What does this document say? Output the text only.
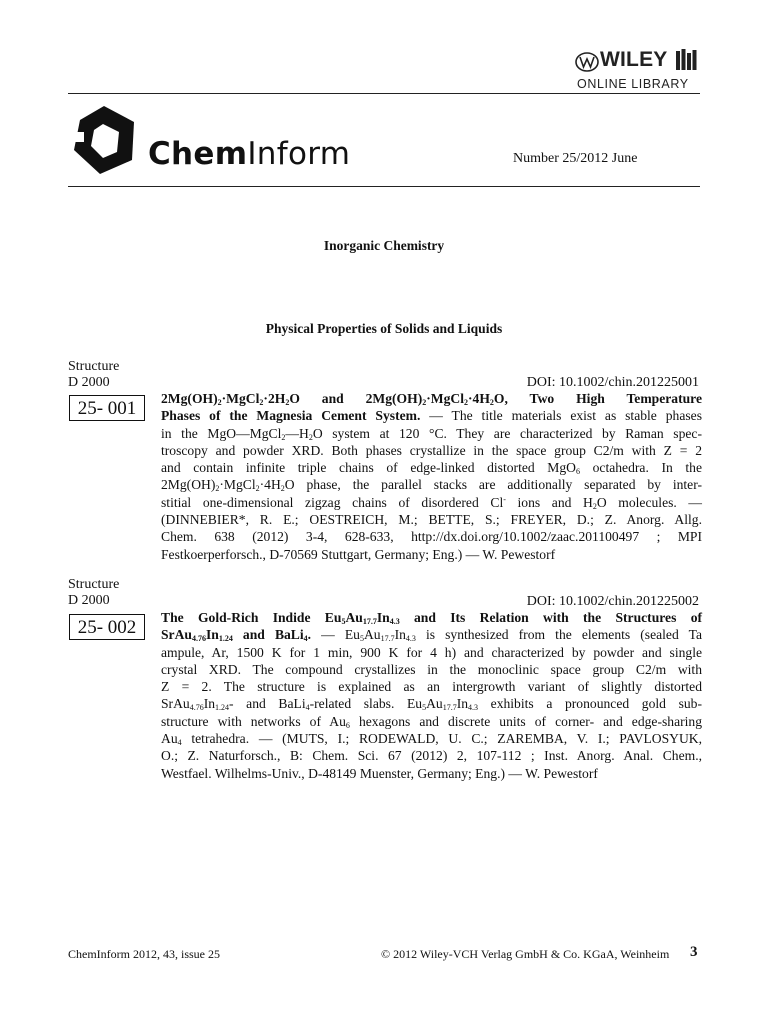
WILEY
ONLINE LIBRARY
ChemInform	Number 25/2012 June
Inorganic Chemistry
Physical Properties of Solids and Liquids
Structure
D 2000	DOI: 10.1002/chin.201225001
25- 001	$2Mg(OH)_2\cdot MgCl_2\cdot 2H_2O$ and $2Mg(OH)_2\cdot MgCl_2\cdot 4H_2O$, Two High Temperature
Phases of the Magnesia Cement System. — The title materials exist as stable phases
in the $MgO—MgCl_2—H_2O$ system at 120 °C. They are characterized by Raman spec-
troscopy and powder XRD. Both phases crystallize in the space group C2/m with Z = 2
and contain infinite triple chains of edge-linked distorted MgO$_6$ octahedra. In the
$2Mg(OH)_2\cdot MgCl_2\cdot 4H_2O$ phase, the parallel stacks are additionally separated by inter-
stitial one-dimensional zigzag chains of disordered Cl- ions and $H_2O$ molecules. —
(DINNEBIER*, R. E.; OESTREICH, M.; BETTE, S.; FREYER, D.; Z. Anorg. Allg.
Chem. 638 (2012) 3-4, 628-633, http://dx.doi.org/10.1002/zaac.201100497 ; MPI
Festkoerperforsch., D-70569 Stuttgart, Germany; Eng.) — W. Pewestorf
Structure
D 2000	DOI: 10.1002/chin.201225002
25- 002	The Gold-Rich Indide $Eu_5Au_{17.7}In_{4.3}$ and Its Relation with the Structures of
$SrAu_{4.76}In_{1.24}$ and BaLi$_4$. — $Eu_5Au_{17.7}In_{4.3}$ is synthesized from the elements (sealed Ta
ampule, Ar, 1500 K for 1 min, 900 K for 4 h) and characterized by powder and single
crystal XRD. The compound crystallizes in the monoclinic space group C2/m with
Z = 2. The structure is explained as an intergrowth variant of slightly distorted
$SrAu_{4.76}In_{1.24}-$ and BaLi$_4$-related slabs. $Eu_5Au_{17.7}In_{4.3}$ exhibits a pronounced gold sub-
structure with networks of $Au_6$ hexagons and discrete units of corner- and edge-sharing
$Au_4$ tetrahedra. — (MUTS, I.; RODEWALD, U. C.; ZAREMBA, V. I.; PAVLOSYUK,
O.; Z. Naturforsch., B: Chem. Sci. 67 (2012) 2, 107-112 ; Inst. Anorg. Anal. Chem.,
Westfael. Wilhelms-Univ., D-48149 Muenster, Germany; Eng.) — W. Pewestorf
ChemInform 2012, 43, issue 25	© 2012 Wiley-VCH Verlag GmbH & Co. KGaA, Weinheim 3
